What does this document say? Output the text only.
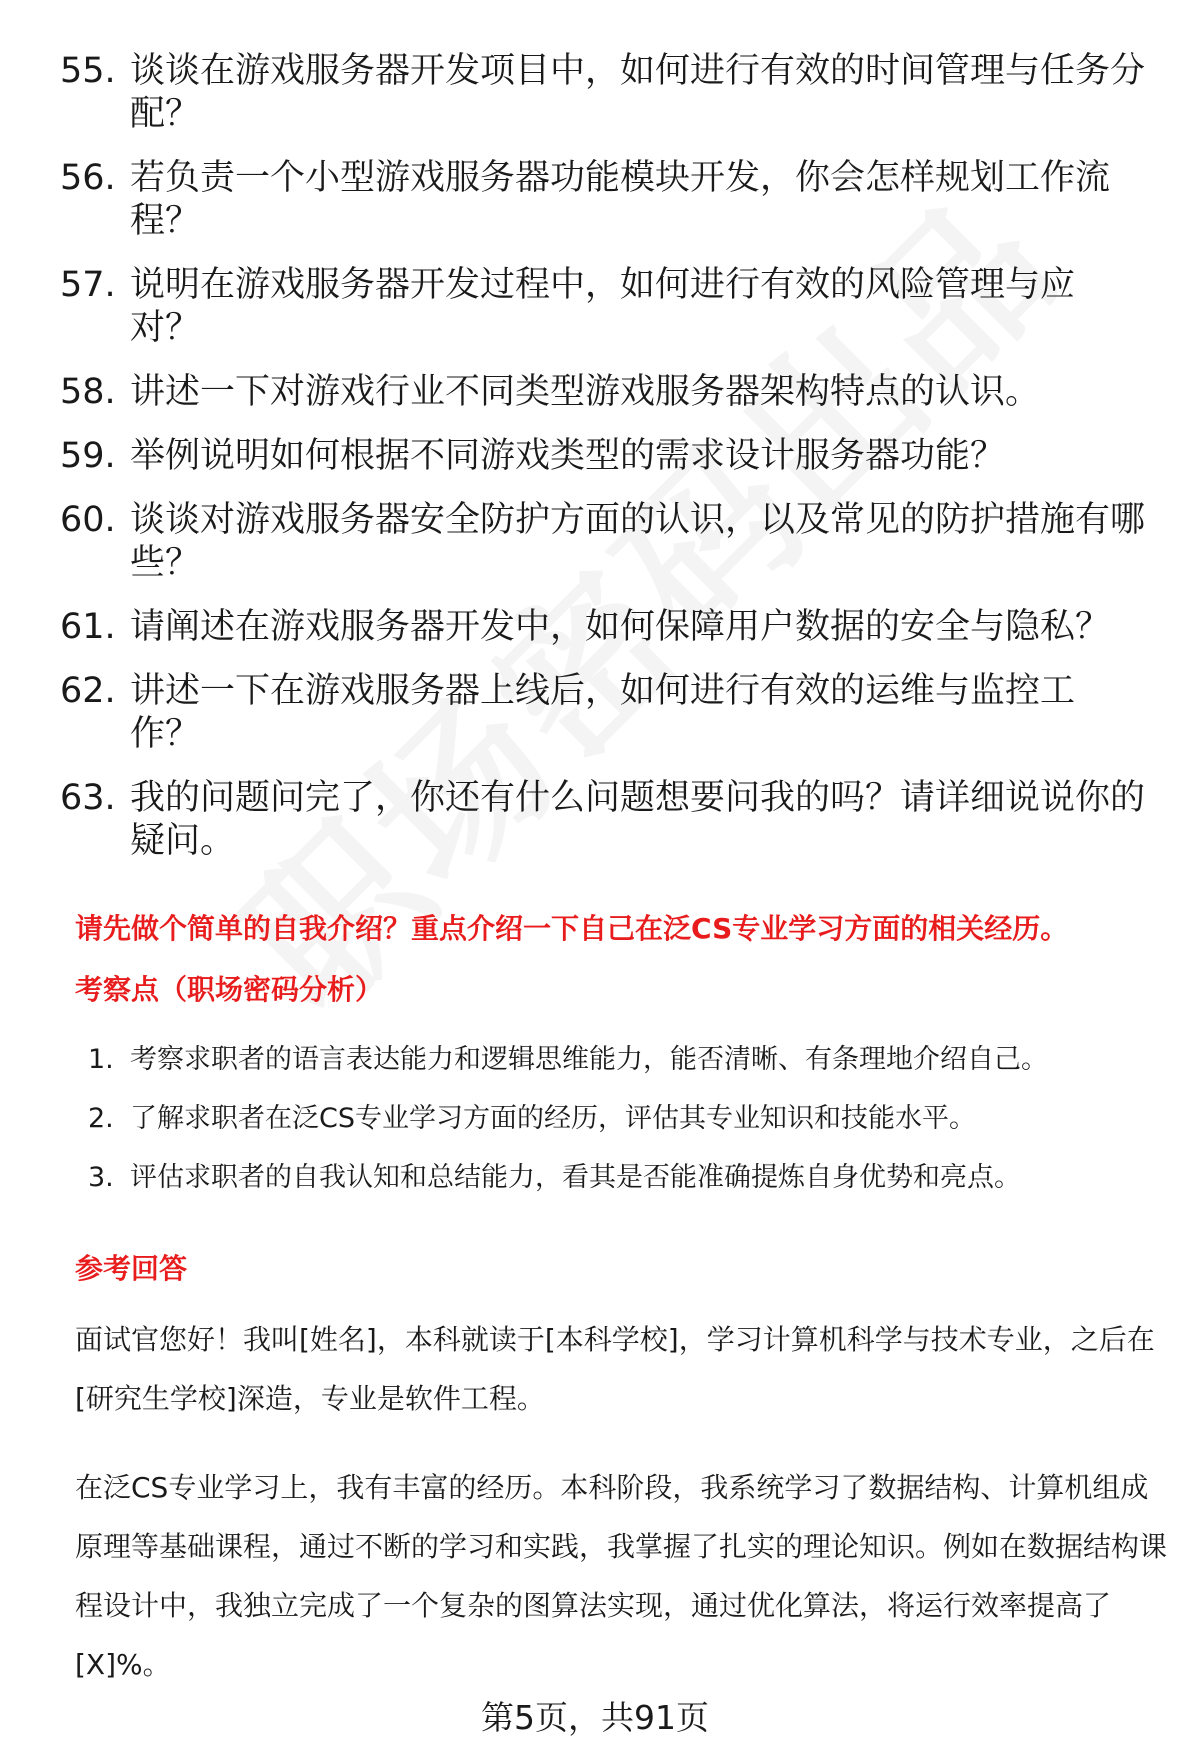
55. 谈谈在游戏服务器开发项目中，如何进行有效的时间管理与任务分配？
56. 若负责一个小型游戏服务器功能模块开发，你会怎样规划工作流程？
57. 说明在游戏服务器开发过程中，如何进行有效的风险管理与应对？
58. 讲述一下对游戏行业不同类型游戏服务器架构特点的认识。
59. 举例说明如何根据不同游戏类型的需求设计服务器功能？
60. 谈谈对游戏服务器安全防护方面的认识，以及常见的防护措施有哪些？
61. 请阐述在游戏服务器开发中，如何保障用户数据的安全与隐私？
62. 讲述一下在游戏服务器上线后，如何进行有效的运维与监控工作？
63. 我的问题问完了，你还有什么问题想要问我的吗？请详细说说你的疑问。
请先做个简单的自我介绍？重点介绍一下自己在泛CS专业学习方面的相关经历。
考察点（职场密码分析）
1. 考察求职者的语言表达能力和逻辑思维能力，能否清晰、有条理地介绍自己。
2. 了解求职者在泛CS专业学习方面的经历，评估其专业知识和技能水平。
3. 评估求职者的自我认知和总结能力，看其是否能准确提炼自身优势和亮点。
参考回答
面试官您好！我叫[姓名]，本科就读于[本科学校]，学习计算机科学与技术专业，之后在[研究生学校]深造，专业是软件工程。
在泛CS专业学习上，我有丰富的经历。本科阶段，我系统学习了数据结构、计算机组成原理等基础课程，通过不断的学习和实践，我掌握了扎实的理论知识。例如在数据结构课程设计中，我独立完成了一个复杂的图算法实现，通过优化算法，将运行效率提高了[X]%。
第5页，共91页
